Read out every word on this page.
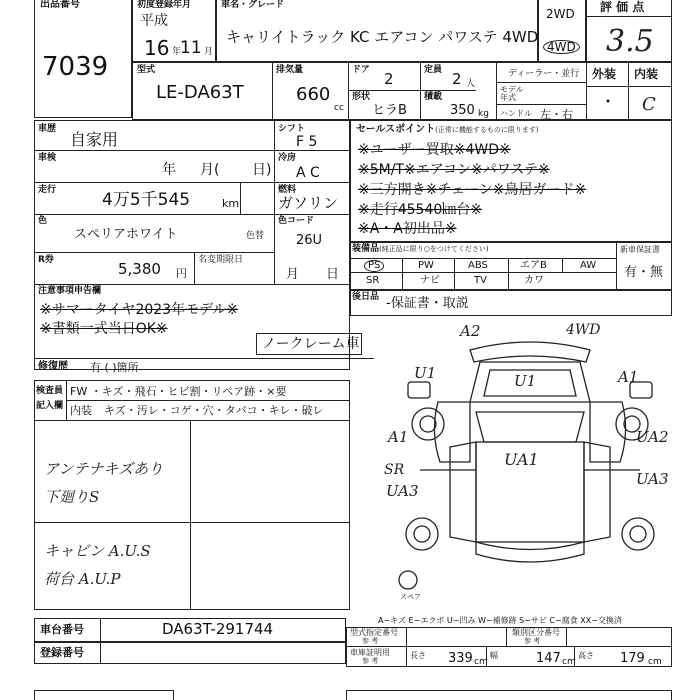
出品番号
7039
初度登録年月
平成
16 11
年	月
車名・グレード
キャリイトラック KC エアコン パワステ 4WD
2WD
4WD
評 価 点
3.5
型式
LE-DA63T
排気量
660
cc
ドア 2
形状
ヒラB
定員 2 人
積載
350 kg
ディーラー・並行
モデル
年式
ハンドル 左・右
外装 内装
・ C
車歴
自家用
車検
年 月( 日)
走行	4万5千545	km
色
スペリアホワイト	色替
R券	5,380 円
名変期限日
月 日
シフト
F 5
冷房
A C
燃料
ガソリン
色コード
26U
セールスポイント(正常に機能するものに限ります)
※ユーザー買取※4WD※
※5M/T※エアコン※パワステ※
※三方開き※チェーン※鳥居ガード※
※走行45540㎞台※
※A・A初出品※
装備品(純正品に限り○をつけてください)
PS	PW	ABS	エアB	AW
SR	ナビ	TV	カワ
新車保証書
有・無
後日品 -保証書・取説
注意事項申告欄
※サマータイヤ2023年モデル※
※書類一式当日OK※
ノークレーム車
修復歴 有 ( )箇所
検査員
記入欄
FW ・キズ・飛石・ヒビ割・リペア跡・×要
内装 キズ・汚レ・コゲ・穴・タバコ・キレ・破レ
アンテナキズあり
下廻りS
キャビン A.U.S
荷台 A.U.P
A2	4WD
U1	U1	A1
A1	UA2
SR
UA3
UA1
UA3
スペア
A−キズ E−エクボ U−凹み W−補修跡 S−サビ C−腐食 XX−交換済
車台番号	DA63T-291744
登録番号
型式指定番号
参 考
類別区分番号
参 考
車庫証明用
参 考
長さ 339 cm
幅	147 cm
高さ 179 cm
